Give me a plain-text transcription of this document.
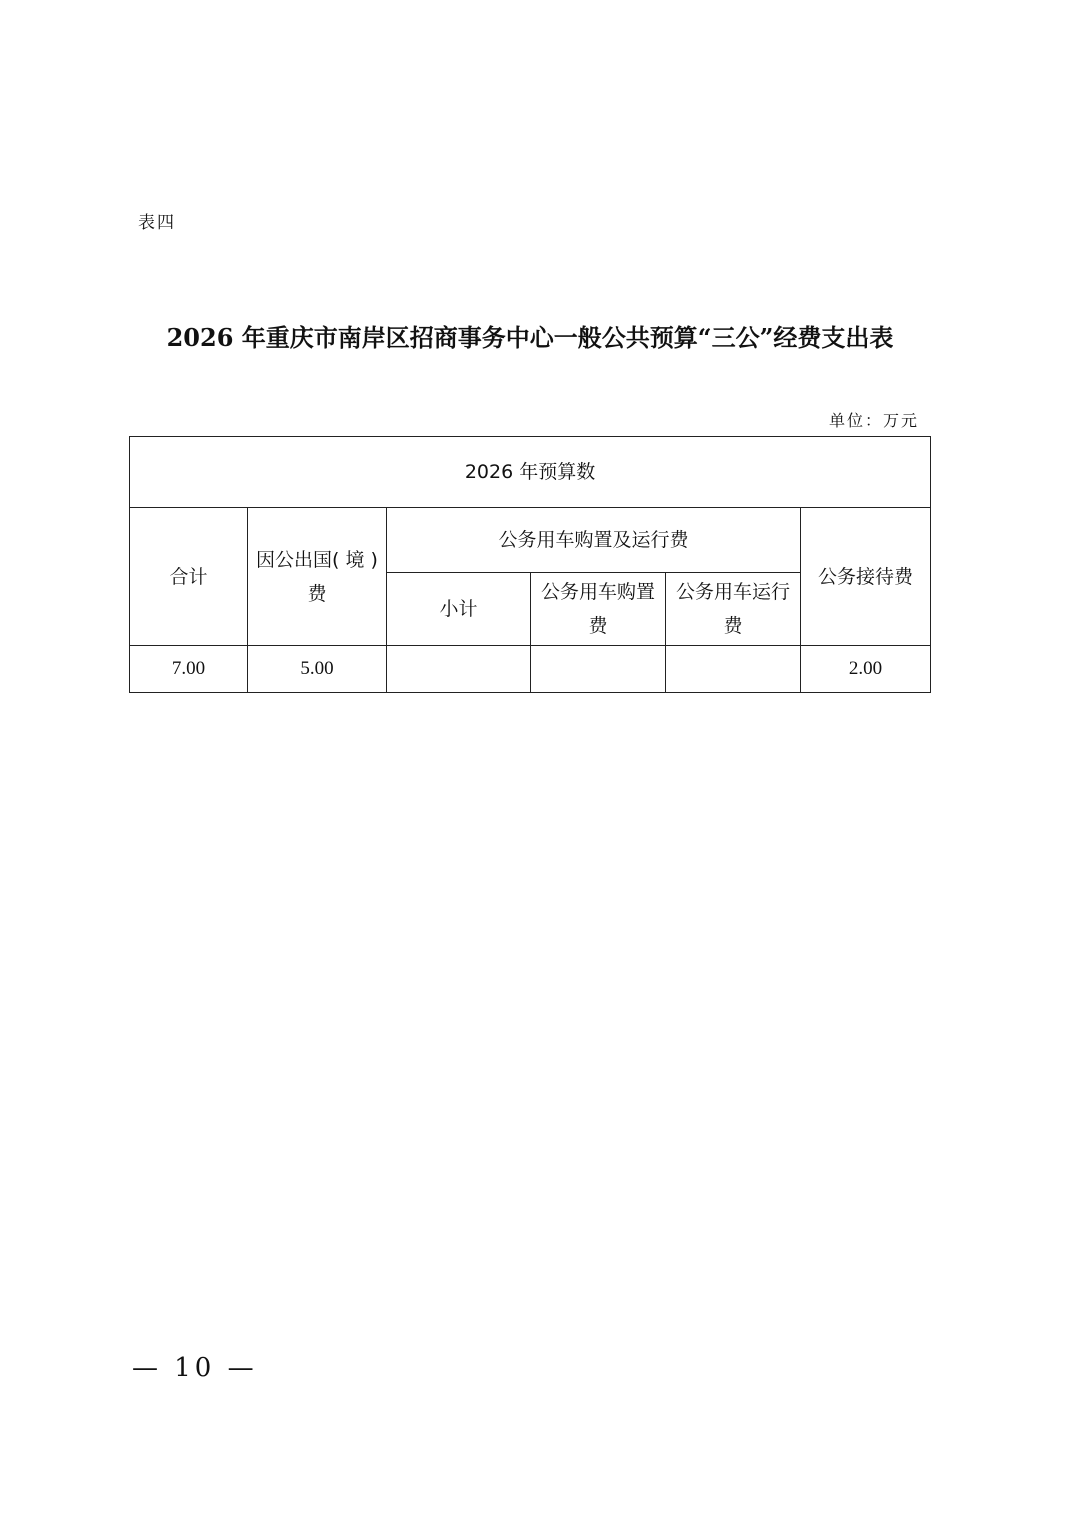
表四
2026 年重庆市南岸区招商事务中心一般公共预算“三公”经费支出表
单位：万元
2026 年预算数					
合计	因公出国( 境 ) 费	公务用车购置及运行费			公务接待费
		小计	公务用车购置费	公务用车运行费	
7.00	5.00				2.00
— 10 —
